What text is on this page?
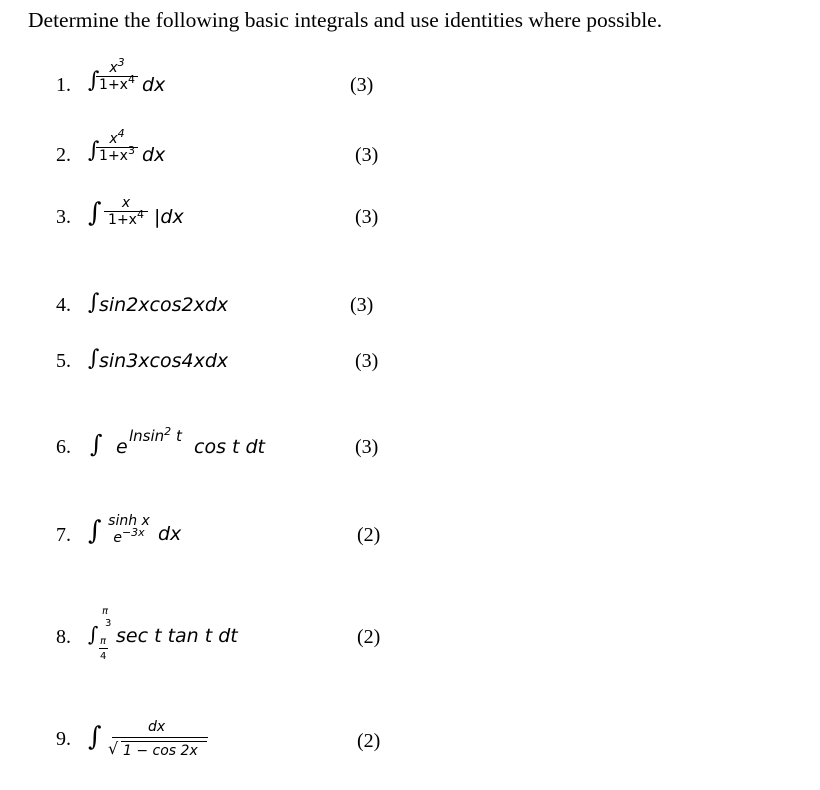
Determine the following basic integrals and use identities where possible.
1. ∫ $x^3$
$1+x^4$ dx	(3)
2. ∫ $x^4$
$1+x^3$ dx	(3)
3. ∫	x
$1+x^4$ |dx	(3)
4. ∫ sin2xcos2xdx	(3)
5. ∫ sin3xcos4xdx	(3)
6. ∫ e lnsin$^2$ t cos t dt	(3)
7. ∫ sinh x
$e^{-3x}$ dx	(2)
8. ∫
π
3
π
4
sec t tan t dt	(2)
9. ∫	dx
√ 1 − cos 2x	(2)
